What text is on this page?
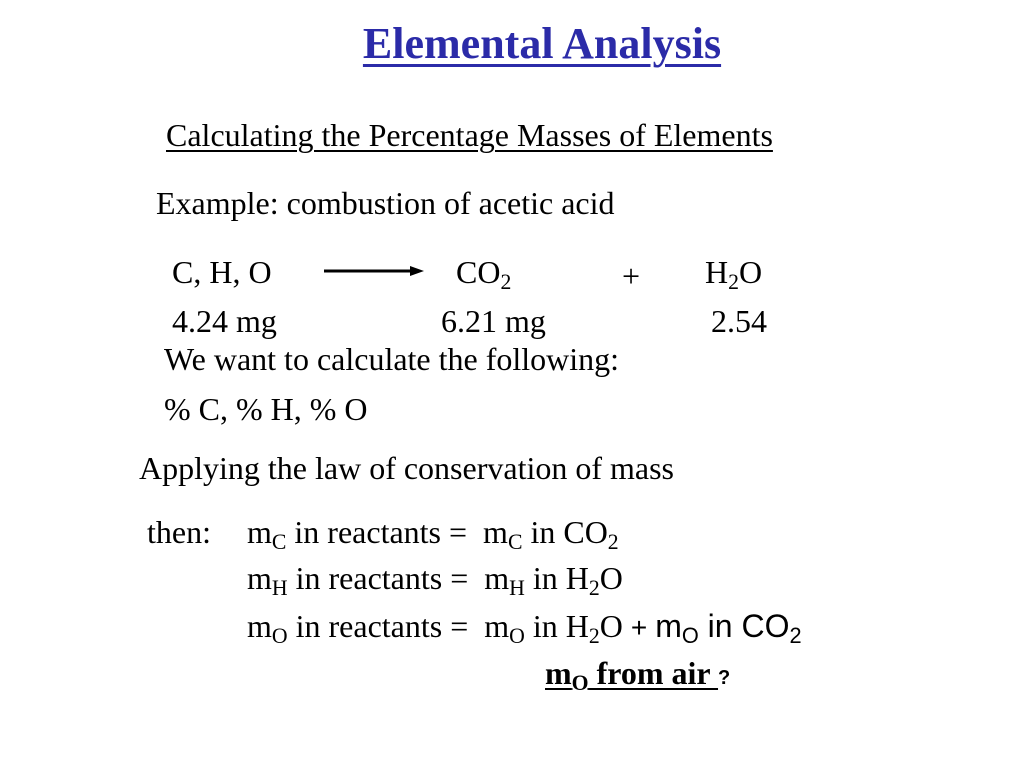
Elemental Analysis
Calculating the Percentage Masses of Elements
Example: combustion of acetic acid
C, H, O	$CO_2$	+ $H_2O$
4.24 mg	6.21 mg	2.54
We want to calculate the following:
% C, % H, % O
Applying the law of conservation of mass
then: $m_C$ in reactants = $m_C$ in $CO_2$
$m_H$ in reactants = $m_H$ in $H_2O$
$m_O$ in reactants = $m_O$ in $H_2O + m_O$ in $CO_2$
$m_O$ from air ?
